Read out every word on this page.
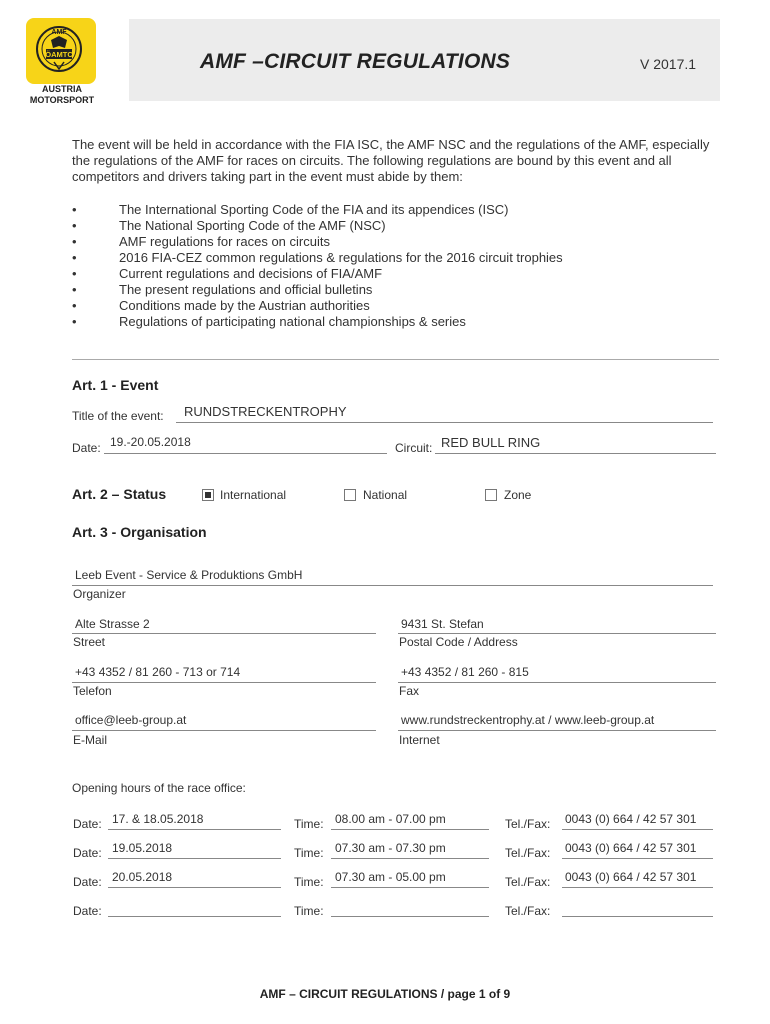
AMF
ÖAMTC
AUSTRIA
MOTORSPORT
AMF –CIRCUIT REGULATIONS	V 2017.1
The event will be held in accordance with the FIA ISC, the AMF NSC and the regulations of the AMF, especially the regulations of the AMF for races on circuits. The following regulations are bound by this event and all competitors and drivers taking part in the event must abide by them:
•	The International Sporting Code of the FIA and its appendices (ISC)
•	The National Sporting Code of the AMF (NSC)
•	AMF regulations for races on circuits
•	2016 FIA-CEZ common regulations & regulations for the 2016 circuit trophies
•	Current regulations and decisions of FIA/AMF
•	The present regulations and official bulletins
•	Conditions made by the Austrian authorities
•	Regulations of participating national championships & series
Art. 1 - Event
Title of the event: RUNDSTRECKENTROPHY
Date: 19.-20.05.2018	Circuit: RED BULL RING
Art. 2 – Status	International	National	Zone
Art. 3 - Organisation
Leeb Event - Service & Produktions GmbH
Organizer
Alte Strasse 2
Street
9431 St. Stefan
Postal Code / Address
+43 4352 / 81 260 - 713 or 714
Telefon
+43 4352 / 81 260 - 815
Fax
office@leeb-group.at
E-Mail
www.rundstreckentrophy.at / www.leeb-group.at
Internet
Opening hours of the race office:
Date: 17. & 18.05.2018	Time: 08.00 am - 07.00 pm	Tel./Fax: 0043 (0) 664 / 42 57 301
Date: 19.05.2018	Time: 07.30 am - 07.30 pm	Tel./Fax: 0043 (0) 664 / 42 57 301
Date: 20.05.2018	Time: 07.30 am - 05.00 pm	Tel./Fax: 0043 (0) 664 / 42 57 301
Date:	Time:	Tel./Fax:
AMF – CIRCUIT REGULATIONS / page 1 of 9
